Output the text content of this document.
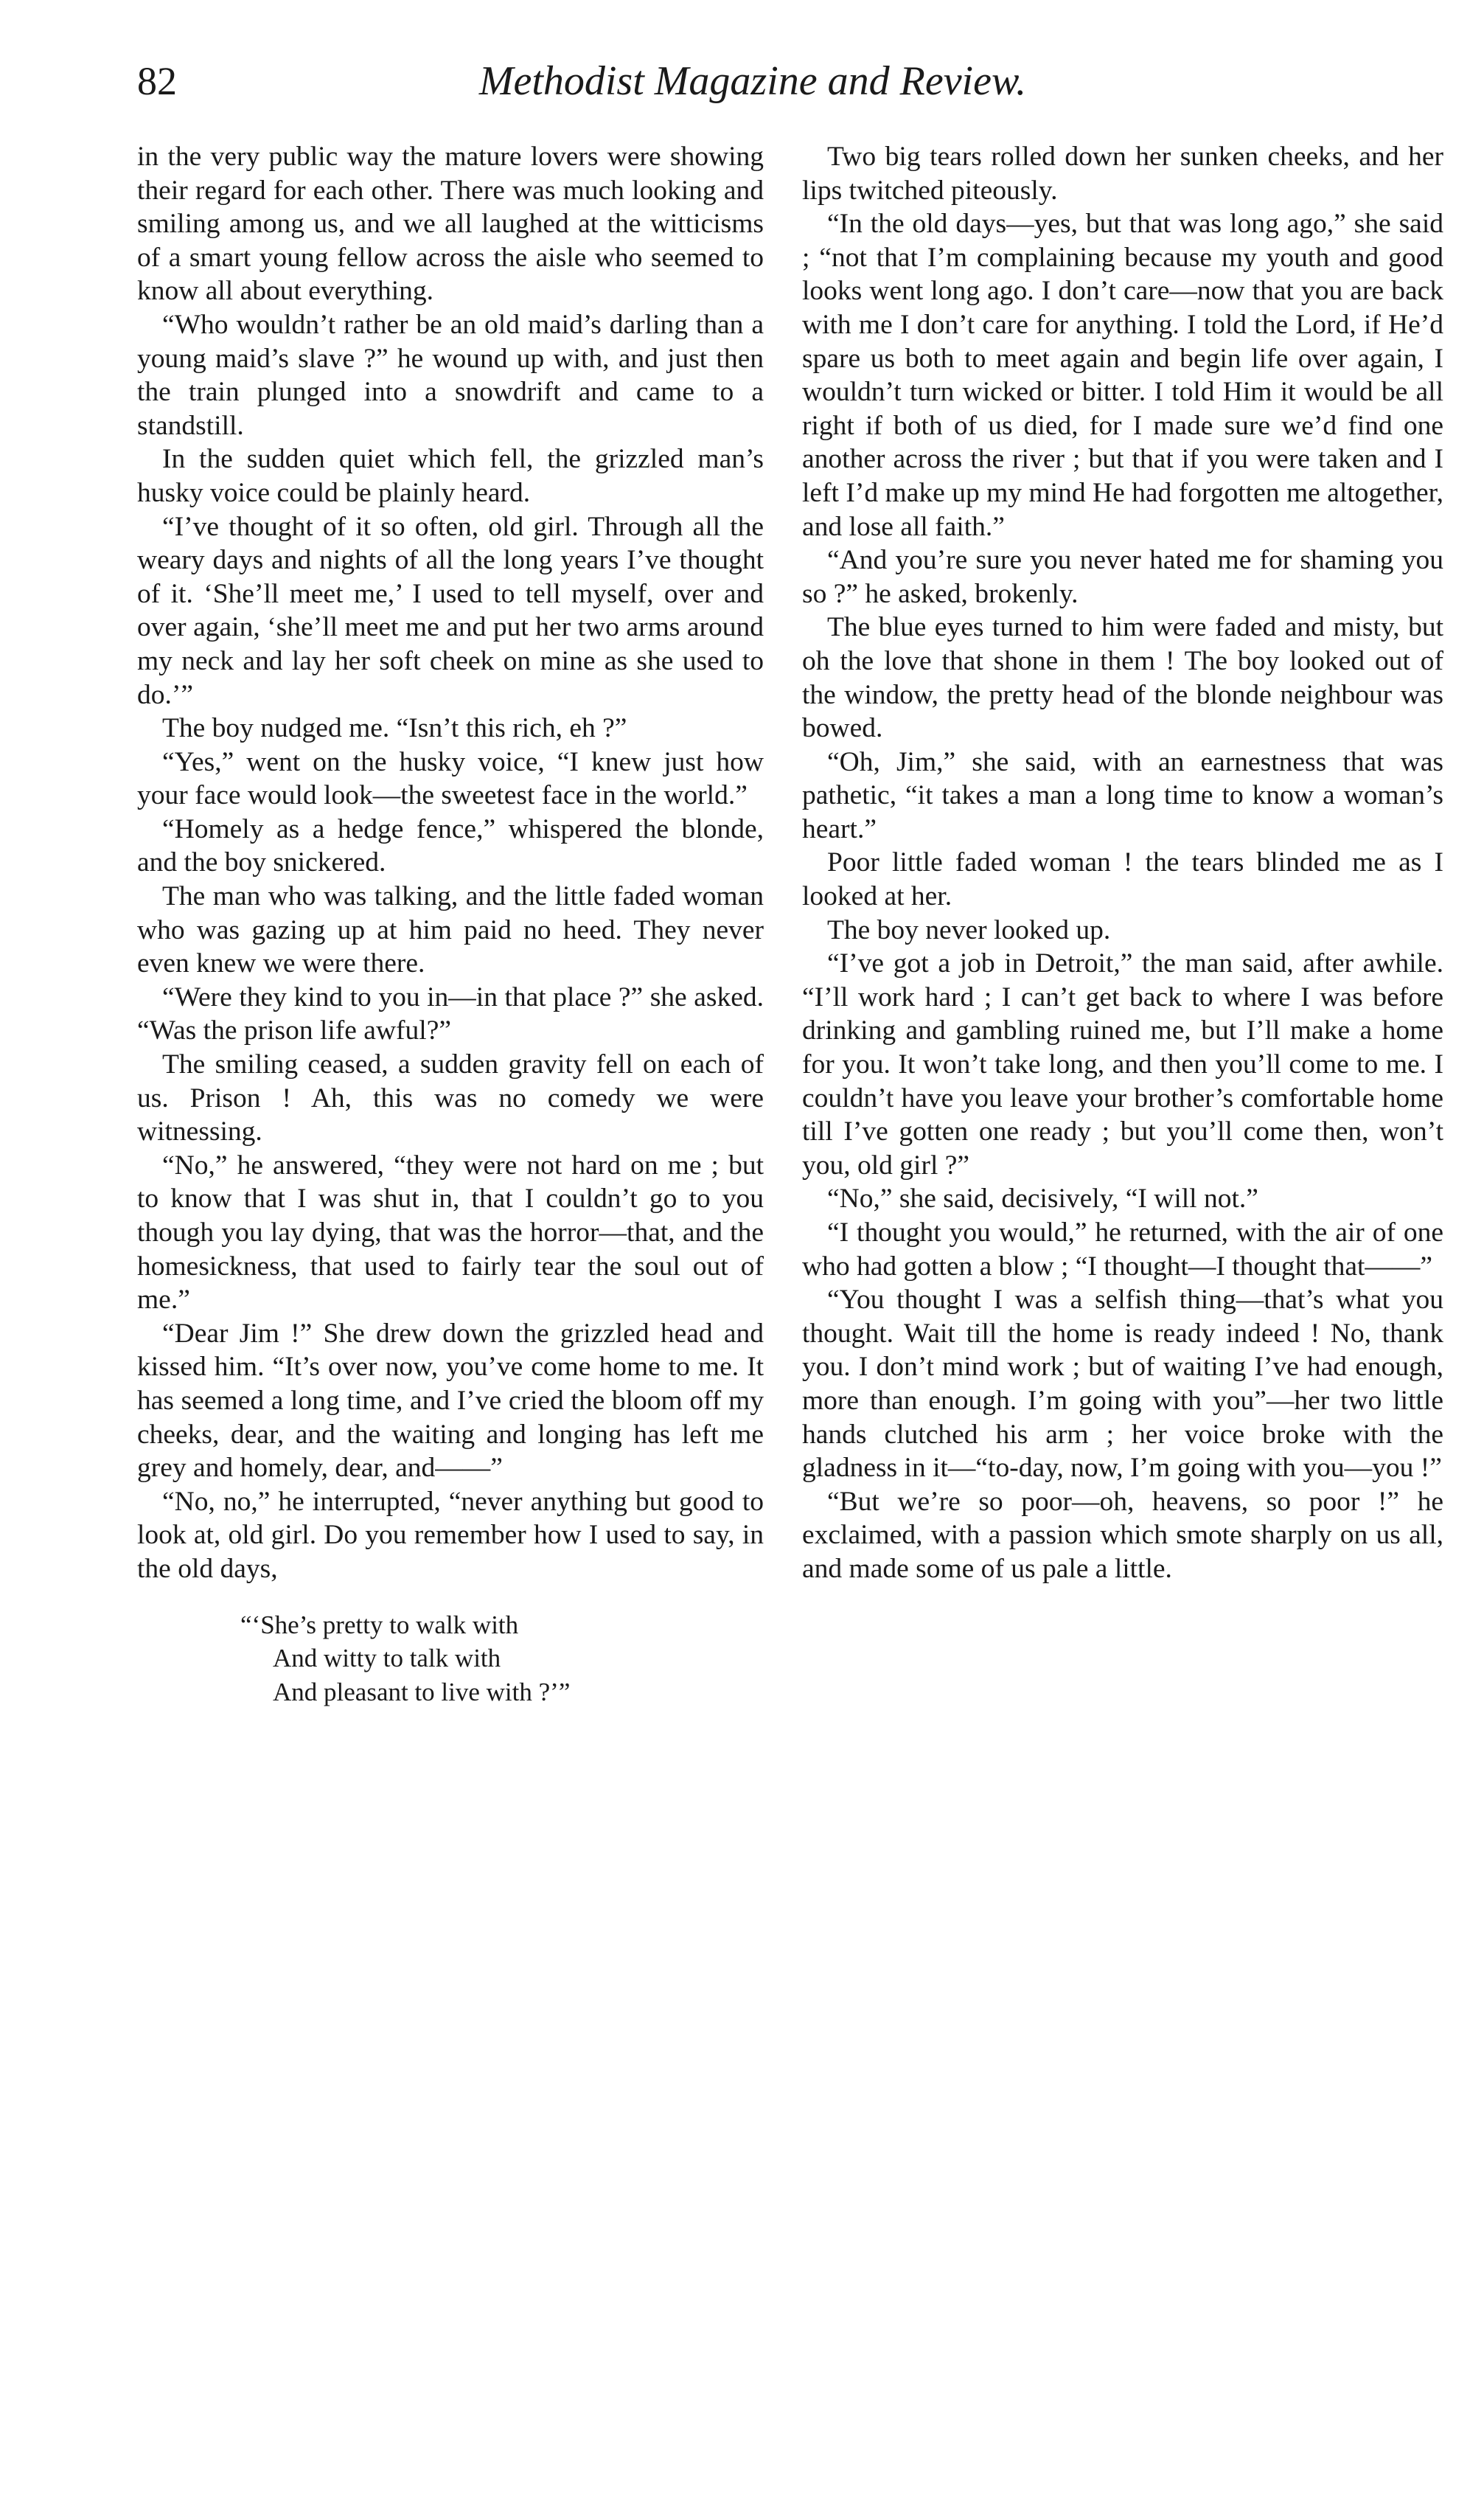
82	Methodist Magazine and Review.

in the very public way the mature lovers were showing their regard for each other. There was much looking and smiling among us, and we all laughed at the witticisms of a smart young fellow across the aisle who seemed to know all about everything.

“Who wouldn’t rather be an old maid’s darling than a young maid’s slave ?” he wound up with, and just then the train plunged into a snowdrift and came to a standstill.

In the sudden quiet which fell, the grizzled man’s husky voice could be plainly heard.

“I’ve thought of it so often, old girl. Through all the weary days and nights of all the long years I’ve thought of it. ‘She’ll meet me,’ I used to tell myself, over and over again, ‘she’ll meet me and put her two arms around my neck and lay her soft cheek on mine as she used to do.’”

The boy nudged me. “Isn’t this rich, eh ?”

“Yes,” went on the husky voice, “I knew just how your face would look—the sweetest face in the world.”

“Homely as a hedge fence,” whispered the blonde, and the boy snickered.

The man who was talking, and the little faded woman who was gazing up at him paid no heed. They never even knew we were there.

“Were they kind to you in—in that place ?” she asked. “Was the prison life awful?”

The smiling ceased, a sudden gravity fell on each of us. Prison ! Ah, this was no comedy we were witnessing.

“No,” he answered, “they were not hard on me ; but to know that I was shut in, that I couldn’t go to you though you lay dying, that was the horror—that, and the homesickness, that used to fairly tear the soul out of me.”

“Dear Jim !” She drew down the grizzled head and kissed him. “It’s over now, you’ve come home to me. It has seemed a long time, and I’ve cried the bloom off my cheeks, dear, and the waiting and longing has left me grey and homely, dear, and——”

“No, no,” he interrupted, “never anything but good to look at, old girl. Do you remember how I used to say, in the old days,

“‘She’s pretty to walk with
And witty to talk with
And pleasant to live with ?’”

Two big tears rolled down her sunken cheeks, and her lips twitched piteously.

“In the old days—yes, but that was long ago,” she said ; “not that I’m complaining because my youth and good looks went long ago. I don’t care—now that you are back with me I don’t care for anything. I told the Lord, if He’d spare us both to meet again and begin life over again, I wouldn’t turn wicked or bitter. I told Him it would be all right if both of us died, for I made sure we’d find one another across the river ; but that if you were taken and I left I’d make up my mind He had forgotten me altogether, and lose all faith.”

“And you’re sure you never hated me for shaming you so ?” he asked, brokenly.

The blue eyes turned to him were faded and misty, but oh the love that shone in them ! The boy looked out of the window, the pretty head of the blonde neighbour was bowed.

“Oh, Jim,” she said, with an earnestness that was pathetic, “it takes a man a long time to know a woman’s heart.”

Poor little faded woman ! the tears blinded me as I looked at her.

The boy never looked up.

“I’ve got a job in Detroit,” the man said, after awhile. “I’ll work hard ; I can’t get back to where I was before drinking and gambling ruined me, but I’ll make a home for you. It won’t take long, and then you’ll come to me. I couldn’t have you leave your brother’s comfortable home till I’ve gotten one ready ; but you’ll come then, won’t you, old girl ?”

“No,” she said, decisively, “I will not.”

“I thought you would,” he returned, with the air of one who had gotten a blow ; “I thought—I thought that——”

“You thought I was a selfish thing—that’s what you thought. Wait till the home is ready indeed ! No, thank you. I don’t mind work ; but of waiting I’ve had enough, more than enough. I’m going with you”—her two little hands clutched his arm ; her voice broke with the gladness in it—“to-day, now, I’m going with you—you !”

“But we’re so poor—oh, heavens, so poor !” he exclaimed, with a passion which smote sharply on us all, and made some of us pale a little.
